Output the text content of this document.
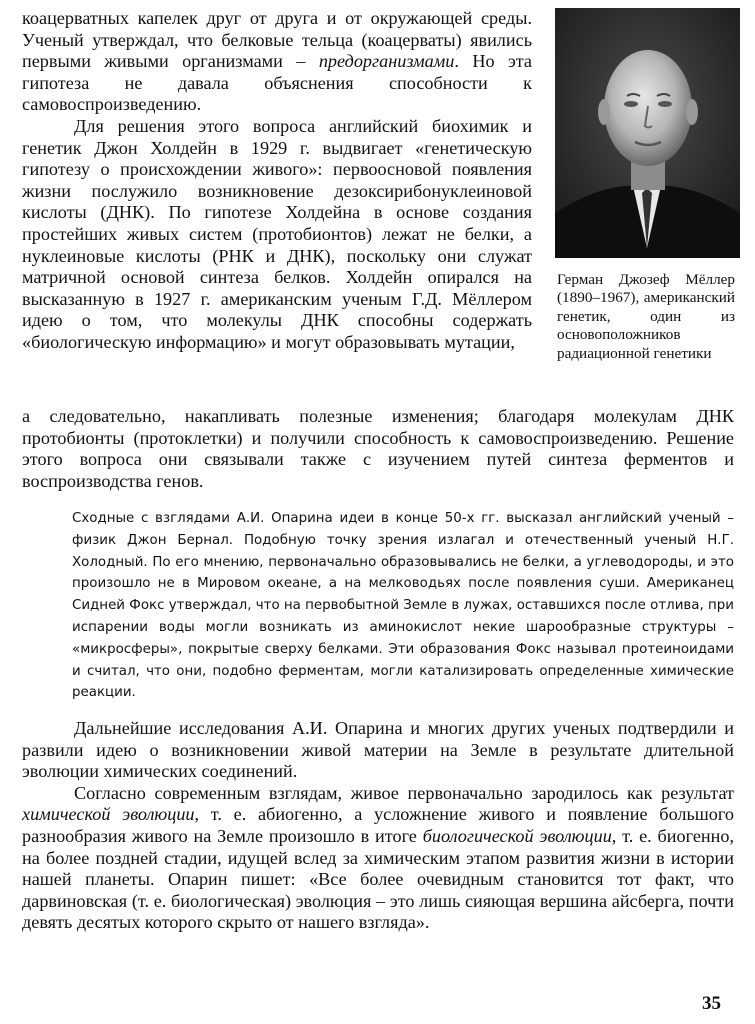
коацерватных капелек друг от друга и от окружающей среды. Ученый утверждал, что белковые тельца (коацерваты) явились первыми живыми организмами – предорганизмами. Но эта гипотеза не давала объяснения способности к самовоспроизведению.

Для решения этого вопроса английский биохимик и генетик Джон Холдейн в 1929 г. выдвигает «генетическую гипотезу о происхождении живого»: первоосновой появления жизни послужило возникновение дезоксирибонуклеиновой кислоты (ДНК). По гипотезе Холдейна в основе создания простейших живых систем (протобионтов) лежат не белки, а нуклеиновые кислоты (РНК и ДНК), поскольку они служат матричной основой синтеза белков. Холдейн опирался на высказанную в 1927 г. американским ученым Г.Д. Мёллером идею о том, что молекулы ДНК способны содержать «биологическую информацию» и могут образовывать мутации,

Герман Джозеф Мёллер (1890–1967), американский генетик, один из основоположников радиационной генетики

а следовательно, накапливать полезные изменения; благодаря молекулам ДНК протобионты (протоклетки) и получили способность к самовоспроизведению. Решение этого вопроса они связывали также с изучением путей синтеза ферментов и воспроизводства генов.

Сходные с взглядами А.И. Опарина идеи в конце 50-х гг. высказал английский ученый – физик Джон Бернал. Подобную точку зрения излагал и отечественный ученый Н.Г. Холодный. По его мнению, первоначально образовывались не белки, а углеводороды, и это произошло не в Мировом океане, а на мелководьях после появления суши. Американец Сидней Фокс утверждал, что на первобытной Земле в лужах, оставшихся после отлива, при испарении воды могли возникать из аминокислот некие шарообразные структуры – «микросферы», покрытые сверху белками. Эти образования Фокс называл протеиноидами и считал, что они, подобно ферментам, могли катализировать определенные химические реакции.

Дальнейшие исследования А.И. Опарина и многих других ученых подтвердили и развили идею о возникновении живой материи на Земле в результате длительной эволюции химических соединений.

Согласно современным взглядам, живое первоначально зародилось как результат химической эволюции, т. е. абиогенно, а усложнение живого и появление большого разнообразия живого на Земле произошло в итоге биологической эволюции, т. е. биогенно, на более поздней стадии, идущей вслед за химическим этапом развития жизни в истории нашей планеты. Опарин пишет: «Все более очевидным становится тот факт, что дарвиновская (т. е. биологическая) эволюция – это лишь сияющая вершина айсберга, почти девять десятых которого скрыто от нашего взгляда».

35
